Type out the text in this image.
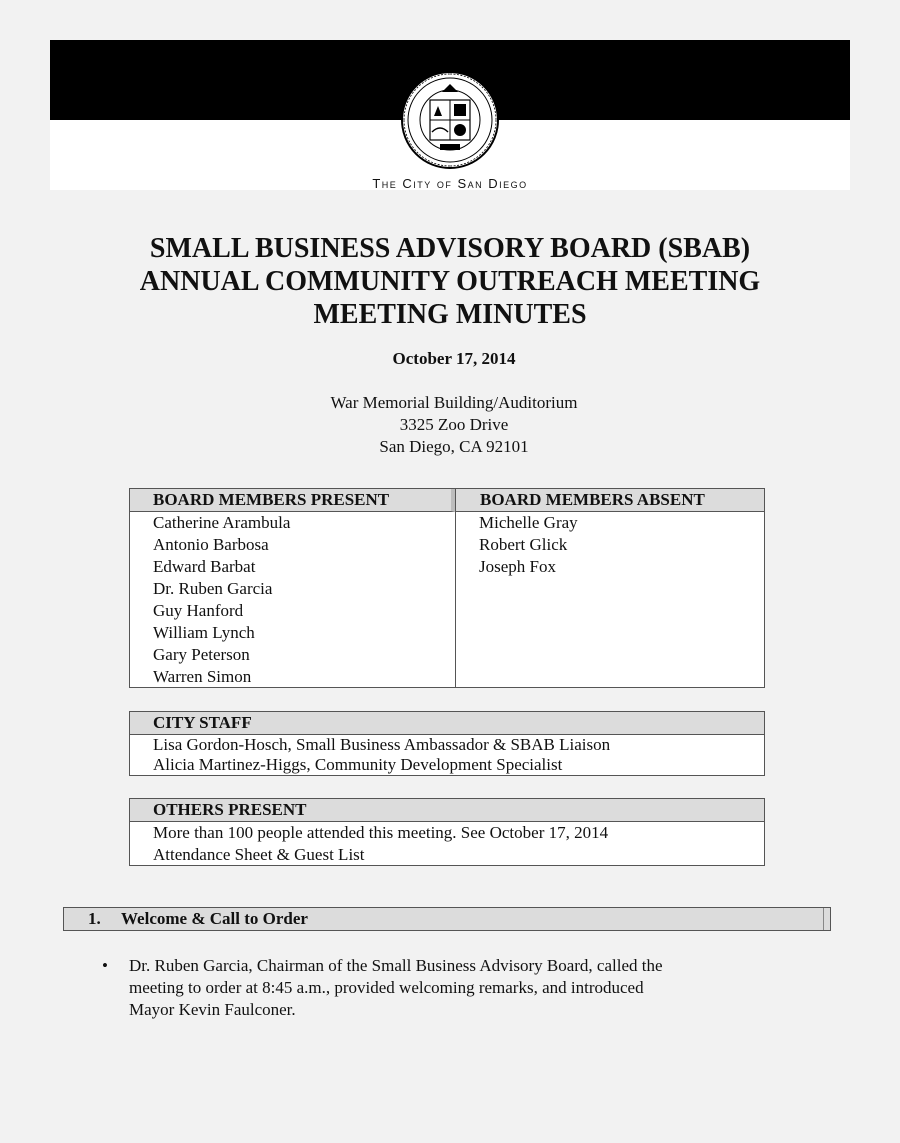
The City of San Diego
SMALL BUSINESS ADVISORY BOARD (SBAB)
ANNUAL COMMUNITY OUTREACH MEETING
MEETING MINUTES
October 17, 2014
War Memorial Building/Auditorium
3325 Zoo Drive
San Diego, CA 92101
BOARD MEMBERS PRESENT
Catherine Arambula
Antonio Barbosa
Edward Barbat
Dr. Ruben Garcia
Guy Hanford
William Lynch
Gary Peterson
Warren Simon
BOARD MEMBERS ABSENT
Michelle Gray
Robert Glick
Joseph Fox
CITY STAFF
Lisa Gordon-Hosch, Small Business Ambassador & SBAB Liaison
Alicia Martinez-Higgs, Community Development Specialist
OTHERS PRESENT
More than 100 people attended this meeting. See October 17, 2014
Attendance Sheet & Guest List
1. Welcome & Call to Order
• Dr. Ruben Garcia, Chairman of the Small Business Advisory Board, called the
meeting to order at 8:45 a.m., provided welcoming remarks, and introduced
Mayor Kevin Faulconer.
